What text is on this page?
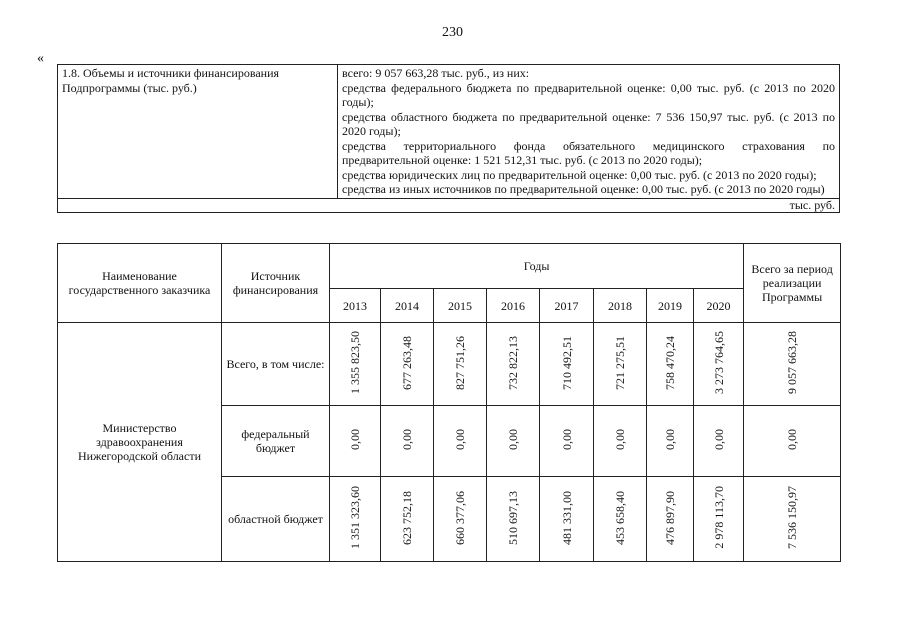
230
«
1.8. Объемы и источники финансирования Подпрограммы (тыс. руб.)	

всего: 9 057 663,28 тыс. руб., из них:

средства федерального бюджета по предварительной оценке: 0,00 тыс. руб. (с 2013 по 2020 годы);

средства областного бюджета по предварительной оценке: 7 536 150,97 тыс. руб. (с 2013 по 2020 годы);

средства территориального фонда обязательного медицинского страхования по предварительной оценке: 1 521 512,31 тыс. руб. (с 2013 по 2020 годы);

средства юридических лиц по предварительной оценке: 0,00 тыс. руб. (с 2013 по 2020 годы);

средства из иных источников по предварительной оценке: 0,00 тыс. руб. (с 2013 по 2020 годы)

тыс. руб.
Наименование государственного заказчика	Источник финансирования	Годы								Всего за период реализации Программы
		2013	2014	2015	2016	2017	2018	2019	2020	
Министерство здравоохранения Нижегородской области	Всего, в том числе:	1 355 823,50	677 263,48	827 751,26	732 822,13	710 492,51	721 275,51	758 470,24	3 273 764,65	9 057 663,28
	федеральный бюджет	0,00	0,00	0,00	0,00	0,00	0,00	0,00	0,00	0,00
	областной бюджет	1 351 323,60	623 752,18	660 377,06	510 697,13	481 331,00	453 658,40	476 897,90	2 978 113,70	7 536 150,97
